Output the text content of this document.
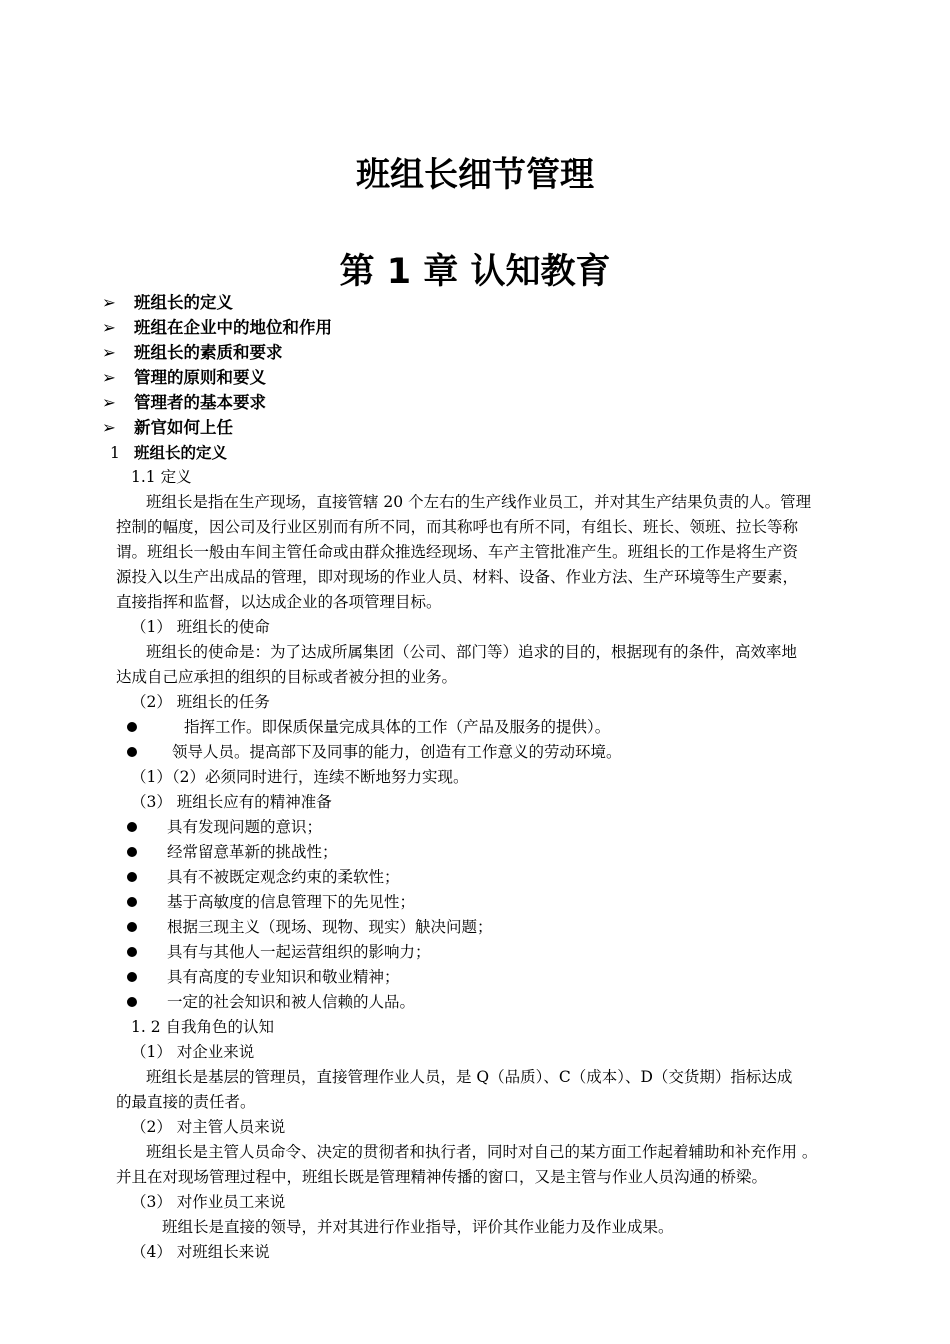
班组长细节管理
第 1 章 认知教育
➢ 班组长的定义
➢ 班组在企业中的地位和作用
➢ 班组长的素质和要求
➢ 管理的原则和要义
➢ 管理者的基本要求
➢ 新官如何上任
1 班组长的定义
1.1 定义
班组长是指在生产现场，直接管辖 20 个左右的生产线作业员工，并对其生产结果负责的人。管理
控制的幅度，因公司及行业区别而有所不同，而其称呼也有所不同，有组长、班长、领班、拉长等称
谓。班组长一般由车间主管任命或由群众推选经现场、车产主管批准产生。班组长的工作是将生产资
源投入以生产出成品的管理，即对现场的作业人员、材料、设备、作业方法、生产环境等生产要素，
直接指挥和监督，以达成企业的各项管理目标。
（1） 班组长的使命
班组长的使命是：为了达成所属集团（公司、部门等）追求的目的，根据现有的条件，高效率地
达成自己应承担的组织的目标或者被分担的业务。
（2） 班组长的任务
指挥工作。即保质保量完成具体的工作（产品及服务的提供）。
领导人员。提高部下及同事的能力，创造有工作意义的劳动环境。
（1）（2）必须同时进行，连续不断地努力实现。
（3） 班组长应有的精神准备
具有发现问题的意识；
经常留意革新的挑战性；
具有不被既定观念约束的柔软性；
基于高敏度的信息管理下的先见性；
根据三现主义（现场、现物、现实）觖决问题；
具有与其他人一起运营组织的影响力；
具有高度的专业知识和敬业精神；
一定的社会知识和被人信赖的人品。
1. 2 自我角色的认知
（1） 对企业来说
班组长是基层的管理员，直接管理作业人员，是 Q（品质）、C（成本）、D（交货期）指标达成
的最直接的责任者。
（2） 对主管人员来说
班组长是主管人员命令、决定的贯彻者和执行者，同时对自己的某方面工作起着辅助和补充作用 。
并且在对现场管理过程中，班组长既是管理精神传播的窗口，又是主管与作业人员沟通的桥梁。
（3） 对作业员工来说
班组长是直接的领导，并对其进行作业指导，评价其作业能力及作业成果。
（4） 对班组长来说
